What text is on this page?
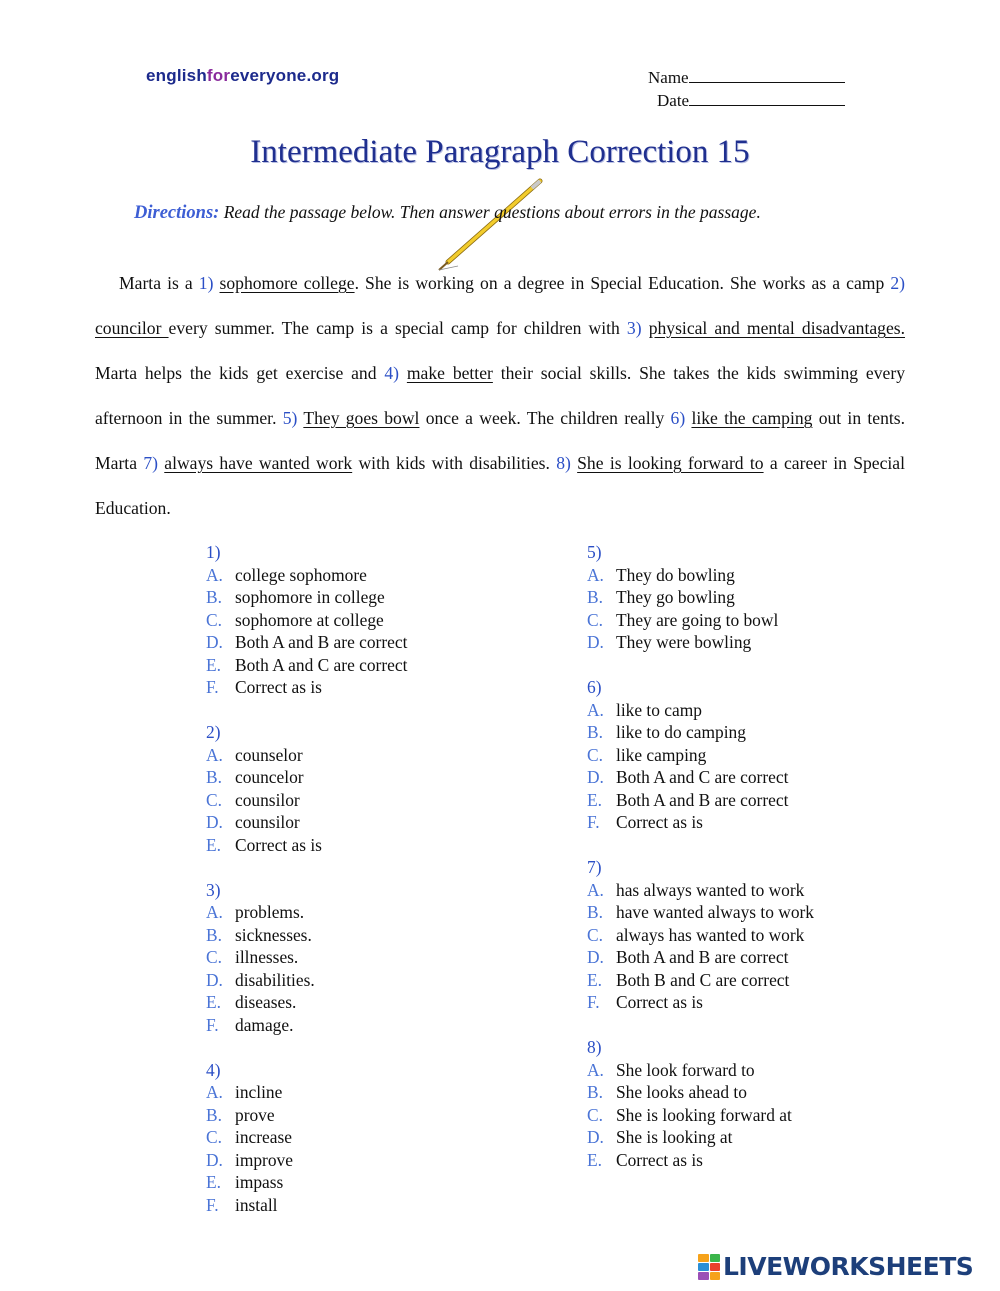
englishforeveryone.org	Name
Date
Intermediate Paragraph Correction 15
Directions: Read the passage below. Then answer questions about errors in the passage.
Marta is a 1) sophomore college. She is working on a degree in Special Education. She works as a camp 2) councilor every summer. The camp is a special camp for children with 3) physical and mental disadvantages. Marta helps the kids get exercise and 4) make better their social skills. She takes the kids swimming every afternoon in the summer. 5) They goes bowl once a week. The children really 6) like the camping out in tents. Marta 7) always have wanted work with kids with disabilities. 8) She is looking forward to a career in Special Education.
1)
A. college sophomore
B. sophomore in college
C. sophomore at college
D. Both A and B are correct
E. Both A and C are correct
F. Correct as is
2)
A. counselor
B. councelor
C. counsilor
D. counsilor
E. Correct as is
3)
A. problems.
B. sicknesses.
C. illnesses.
D. disabilities.
E. diseases.
F. damage.
4)
A. incline
B. prove
C. increase
D. improve
E. impass
F. install
5)
A. They do bowling
B. They go bowling
C. They are going to bowl
D. They were bowling
6)
A. like to camp
B. like to do camping
C. like camping
D. Both A and C are correct
E. Both A and B are correct
F. Correct as is
7)
A. has always wanted to work
B. have wanted always to work
C. always has wanted to work
D. Both A and B are correct
E. Both B and C are correct
F. Correct as is
8)
A. She look forward to
B. She looks ahead to
C. She is looking forward at
D. She is looking at
E. Correct as is
LIVEWORKSHEETS
